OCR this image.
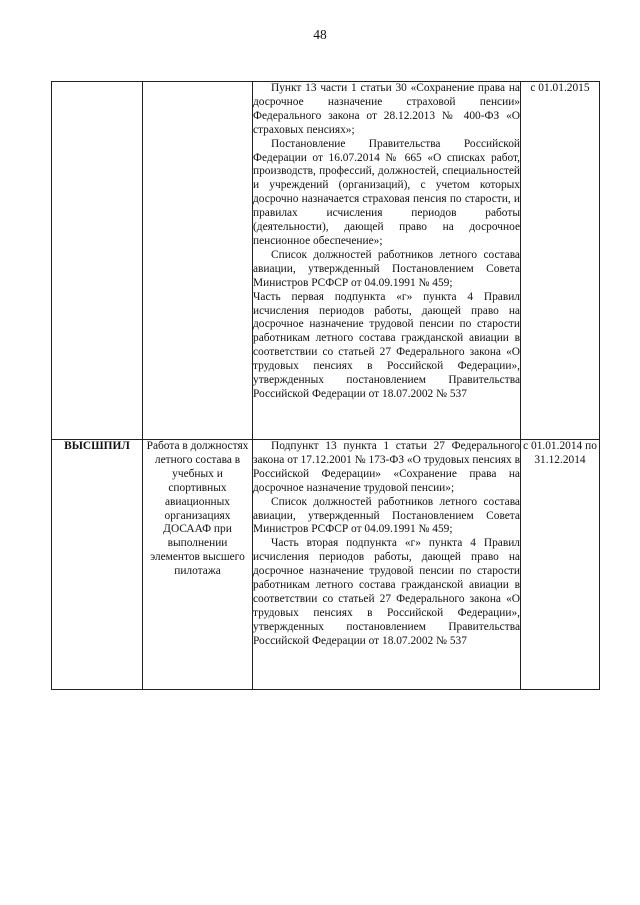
48

		Пункт 13 части 1 статьи 30 «Сохранение права на досрочное назначение страховой пенсии» Федерального закона от 28.12.2013 № 400-ФЗ «О страховых пенсиях»;

Постановление Правительства Российской Федерации от 16.07.2014 № 665 «О списках работ, производств, профессий, должностей, специальностей и учреждений (организаций), с учетом которых досрочно назначается страховая пенсия по старости, и правилах исчисления периодов работы (деятельности), дающей право на досрочное пенсионное обеспечение»;

Список должностей работников летного состава авиации, утвержденный Постановлением Совета Министров РСФСР от 04.09.1991 № 459;

Часть первая подпункта «г» пункта 4 Правил исчисления периодов работы, дающей право на досрочное назначение трудовой пенсии по старости работникам летного состава гражданской авиации в соответствии со статьей 27 Федерального закона «О трудовых пенсиях в Российской Федерации», утвержденных постановлением Правительства Российской Федерации от 18.07.2002 № 537	с 01.01.2015
ВЫСШПИЛ	Работа в должностях летного состава в учебных и спортивных авиационных организациях ДОСААФ при выполнении элементов высшего пилотажа	Подпункт 13 пункта 1 статьи 27 Федерального закона от 17.12.2001 № 173-ФЗ «О трудовых пенсиях в Российской Федерации» «Сохранение права на досрочное назначение трудовой пенсии»;

Список должностей работников летного состава авиации, утвержденный Постановлением Совета Министров РСФСР от 04.09.1991 № 459;

Часть вторая подпункта «г» пункта 4 Правил исчисления периодов работы, дающей право на досрочное назначение трудовой пенсии по старости работникам летного состава гражданской авиации в соответствии со статьей 27 Федерального закона «О трудовых пенсиях в Российской Федерации», утвержденных постановлением Правительства Российской Федерации от 18.07.2002 № 537	с 01.01.2014 по 31.12.2014
